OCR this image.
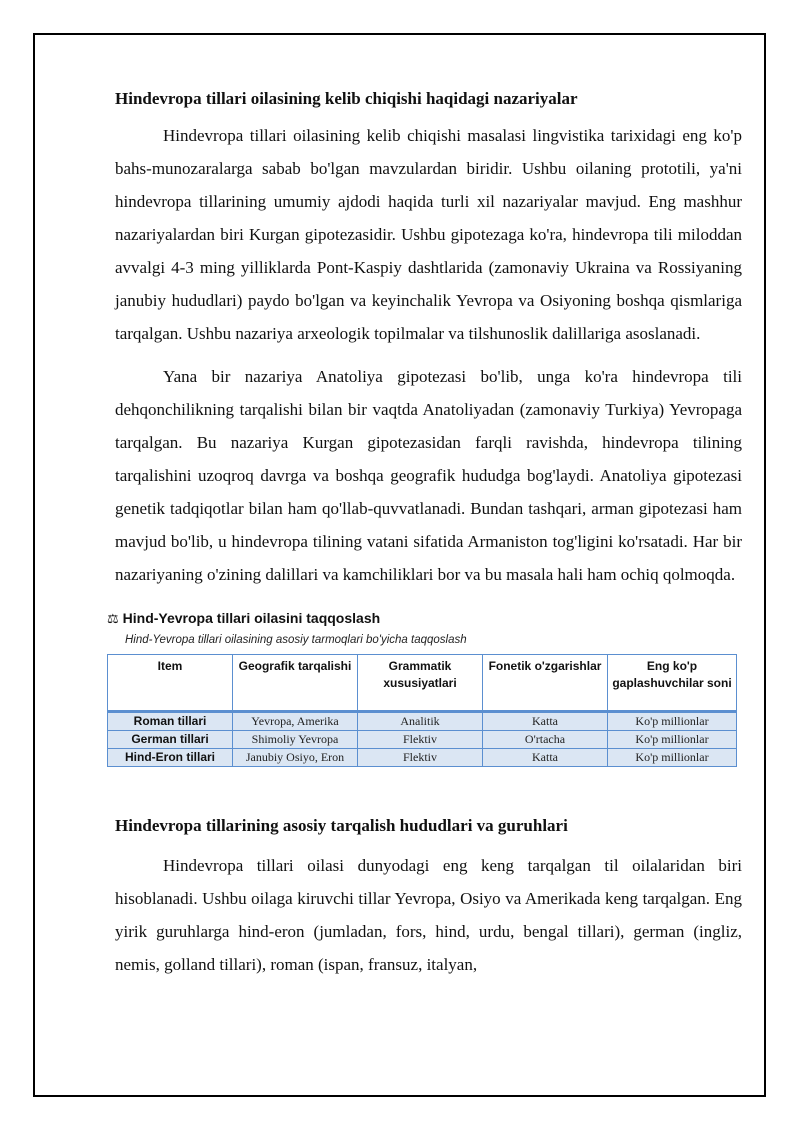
Hindevropa tillari oilasining kelib chiqishi haqidagi nazariyalar

Hindevropa tillari oilasining kelib chiqishi masalasi lingvistika tarixidagi eng ko'p bahs-munozaralarga sabab bo'lgan mavzulardan biridir. Ushbu oilaning prototili, ya'ni hindevropa tillarining umumiy ajdodi haqida turli xil nazariyalar mavjud. Eng mashhur nazariyalardan biri Kurgan gipotezasidir. Ushbu gipotezaga ko'ra, hindevropa tili miloddan avvalgi 4-3 ming yilliklarda Pont-Kaspiy dashtlarida (zamonaviy Ukraina va Rossiyaning janubiy hududlari) paydo bo'lgan va keyinchalik Yevropa va Osiyoning boshqa qismlariga tarqalgan. Ushbu nazariya arxeologik topilmalar va tilshunoslik dalillariga asoslanadi.

Yana bir nazariya Anatoliya gipotezasi bo'lib, unga ko'ra hindevropa tili dehqonchilikning tarqalishi bilan bir vaqtda Anatoliyadan (zamonaviy Turkiya) Yevropaga tarqalgan. Bu nazariya Kurgan gipotezasidan farqli ravishda, hindevropa tilining tarqalishini uzoqroq davrga va boshqa geografik hududga bog'laydi. Anatoliya gipotezasi genetik tadqiqotlar bilan ham qo'llab-quvvatlanadi. Bundan tashqari, arman gipotezasi ham mavjud bo'lib, u hindevropa tilining vatani sifatida Armaniston tog'ligini ko'rsatadi. Har bir nazariyaning o'zining dalillari va kamchiliklari bor va bu masala hali ham ochiq qolmoqda.

⚖ Hind-Yevropa tillari oilasini taqqoslash
Hind-Yevropa tillari oilasining asosiy tarmoqlari bo'yicha taqqoslash
Item	Geografik tarqalishi	Grammatik xususiyatlari	Fonetik o'zgarishlar	Eng ko'p gaplashuvchilar soni
Roman tillari	Yevropa, Amerika	Analitik	Katta	Ko'p millionlar
German tillari	Shimoliy Yevropa	Flektiv	O'rtacha	Ko'p millionlar
Hind-Eron tillari	Janubiy Osiyo, Eron	Flektiv	Katta	Ko'p millionlar
Hindevropa tillarining asosiy tarqalish hududlari va guruhlari

Hindevropa tillari oilasi dunyodagi eng keng tarqalgan til oilalaridan biri hisoblanadi. Ushbu oilaga kiruvchi tillar Yevropa, Osiyo va Amerikada keng tarqalgan. Eng yirik guruhlarga hind-eron (jumladan, fors, hind, urdu, bengal tillari), german (ingliz, nemis, golland tillari), roman (ispan, fransuz, italyan,
